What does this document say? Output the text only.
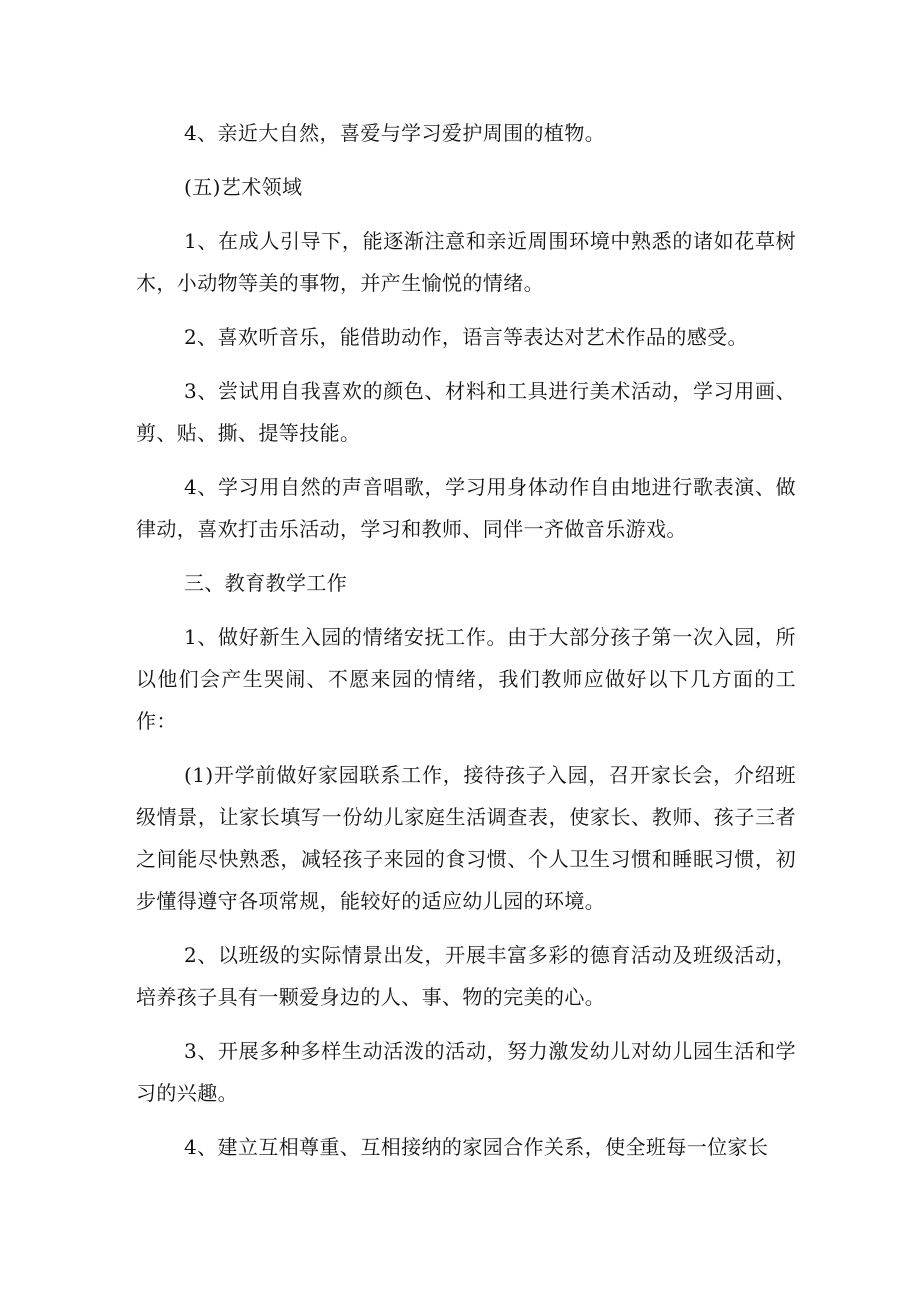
4、亲近大自然，喜爱与学习爱护周围的植物。

(五)艺术领域

1、在成人引导下，能逐渐注意和亲近周围环境中熟悉的诸如花草树木，小动物等美的事物，并产生愉悦的情绪。

2、喜欢听音乐，能借助动作，语言等表达对艺术作品的感受。

3、尝试用自我喜欢的颜色、材料和工具进行美术活动，学习用画、剪、贴、撕、提等技能。

4、学习用自然的声音唱歌，学习用身体动作自由地进行歌表演、做律动，喜欢打击乐活动，学习和教师、同伴一齐做音乐游戏。

三、教育教学工作

1、做好新生入园的情绪安抚工作。由于大部分孩子第一次入园，所以他们会产生哭闹、不愿来园的情绪，我们教师应做好以下几方面的工作：

(1)开学前做好家园联系工作，接待孩子入园，召开家长会，介绍班级情景，让家长填写一份幼儿家庭生活调查表，使家长、教师、孩子三者之间能尽快熟悉，减轻孩子来园的食习惯、个人卫生习惯和睡眠习惯，初步懂得遵守各项常规，能较好的适应幼儿园的环境。

2、以班级的实际情景出发，开展丰富多彩的德育活动及班级活动，培养孩子具有一颗爱身边的人、事、物的完美的心。

3、开展多种多样生动活泼的活动，努力激发幼儿对幼儿园生活和学习的兴趣。

4、建立互相尊重、互相接纳的家园合作关系，使全班每一位家长
